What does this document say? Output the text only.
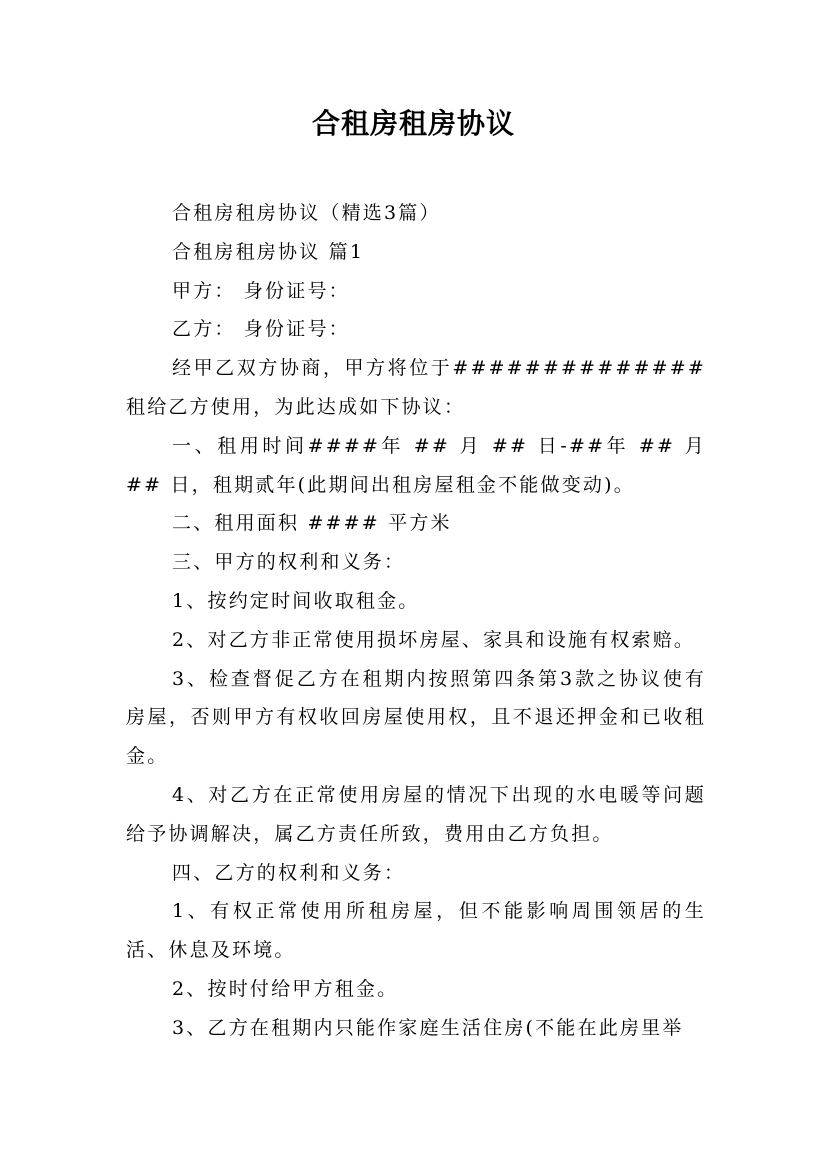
合租房租房协议

合租房租房协议（精选3篇）

合租房租房协议 篇1

甲方： 身份证号：

乙方： 身份证号：

经甲乙双方协商，甲方将位于##############租给乙方使用，为此达成如下协议：

一、租用时间####年 ## 月 ## 日-##年 ## 月 ## 日，租期贰年(此期间出租房屋租金不能做变动)。

二、租用面积 #### 平方米

三、甲方的权利和义务：

1、按约定时间收取租金。

2、对乙方非正常使用损坏房屋、家具和设施有权索赔。

3、检查督促乙方在租期内按照第四条第3款之协议使有房屋，否则甲方有权收回房屋使用权，且不退还押金和已收租金。

4、对乙方在正常使用房屋的情况下出现的水电暖等问题给予协调解决，属乙方责任所致，费用由乙方负担。

四、乙方的权利和义务：

1、有权正常使用所租房屋，但不能影响周围领居的生活、休息及环境。

2、按时付给甲方租金。

3、乙方在租期内只能作家庭生活住房(不能在此房里举
